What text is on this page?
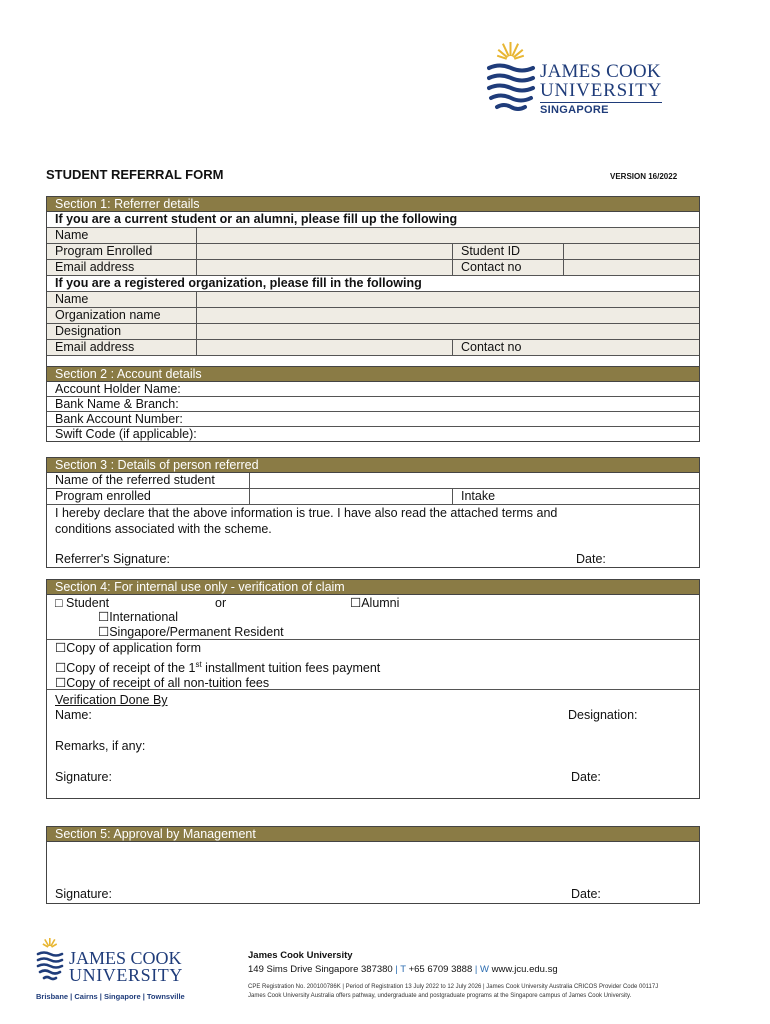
JAMES COOK
UNIVERSITY
SINGAPORE
STUDENT REFERRAL FORM	VERSION 16/2022
Section 1: Referrer details
If you are a current student or an alumni, please fill up the following
Name
Program Enrolled	Student ID
Email address	Contact no
If you are a registered organization, please fill in the following
Name
Organization name
Designation
Email address	Contact no
Section 2 : Account details
Account Holder Name:
Bank Name & Branch:
Bank Account Number:
Swift Code (if applicable):
Section 3 : Details of person referred
Name of the referred student
Program enrolled	Intake
I hereby declare that the above information is true. I have also read the attached terms and
conditions associated with the scheme.
Referrer's Signature:	Date:
Section 4: For internal use only - verification of claim
□ Student	or	☐Alumni
☐International
☐Singapore/Permanent Resident
☐Copy of application form
☐Copy of receipt of the 1st installment tuition fees payment
☐Copy of receipt of all non-tuition fees
Verification Done By
Name:	Designation:
Remarks, if any:
Signature:	Date:
Section 5: Approval by Management
Signature:	Date:
JAMES COOK
UNIVERSITY
Brisbane | Cairns | Singapore | Townsville
James Cook University
149 Sims Drive Singapore 387380 | T +65 6709 3888 | W www.jcu.edu.sg
CPE Registration No. 200100786K | Period of Registration 13 July 2022 to 12 July 2026 | James Cook University Australia CRICOS Provider Code 00117J
James Cook University Australia offers pathway, undergraduate and postgraduate programs at the Singapore campus of James Cook University.
